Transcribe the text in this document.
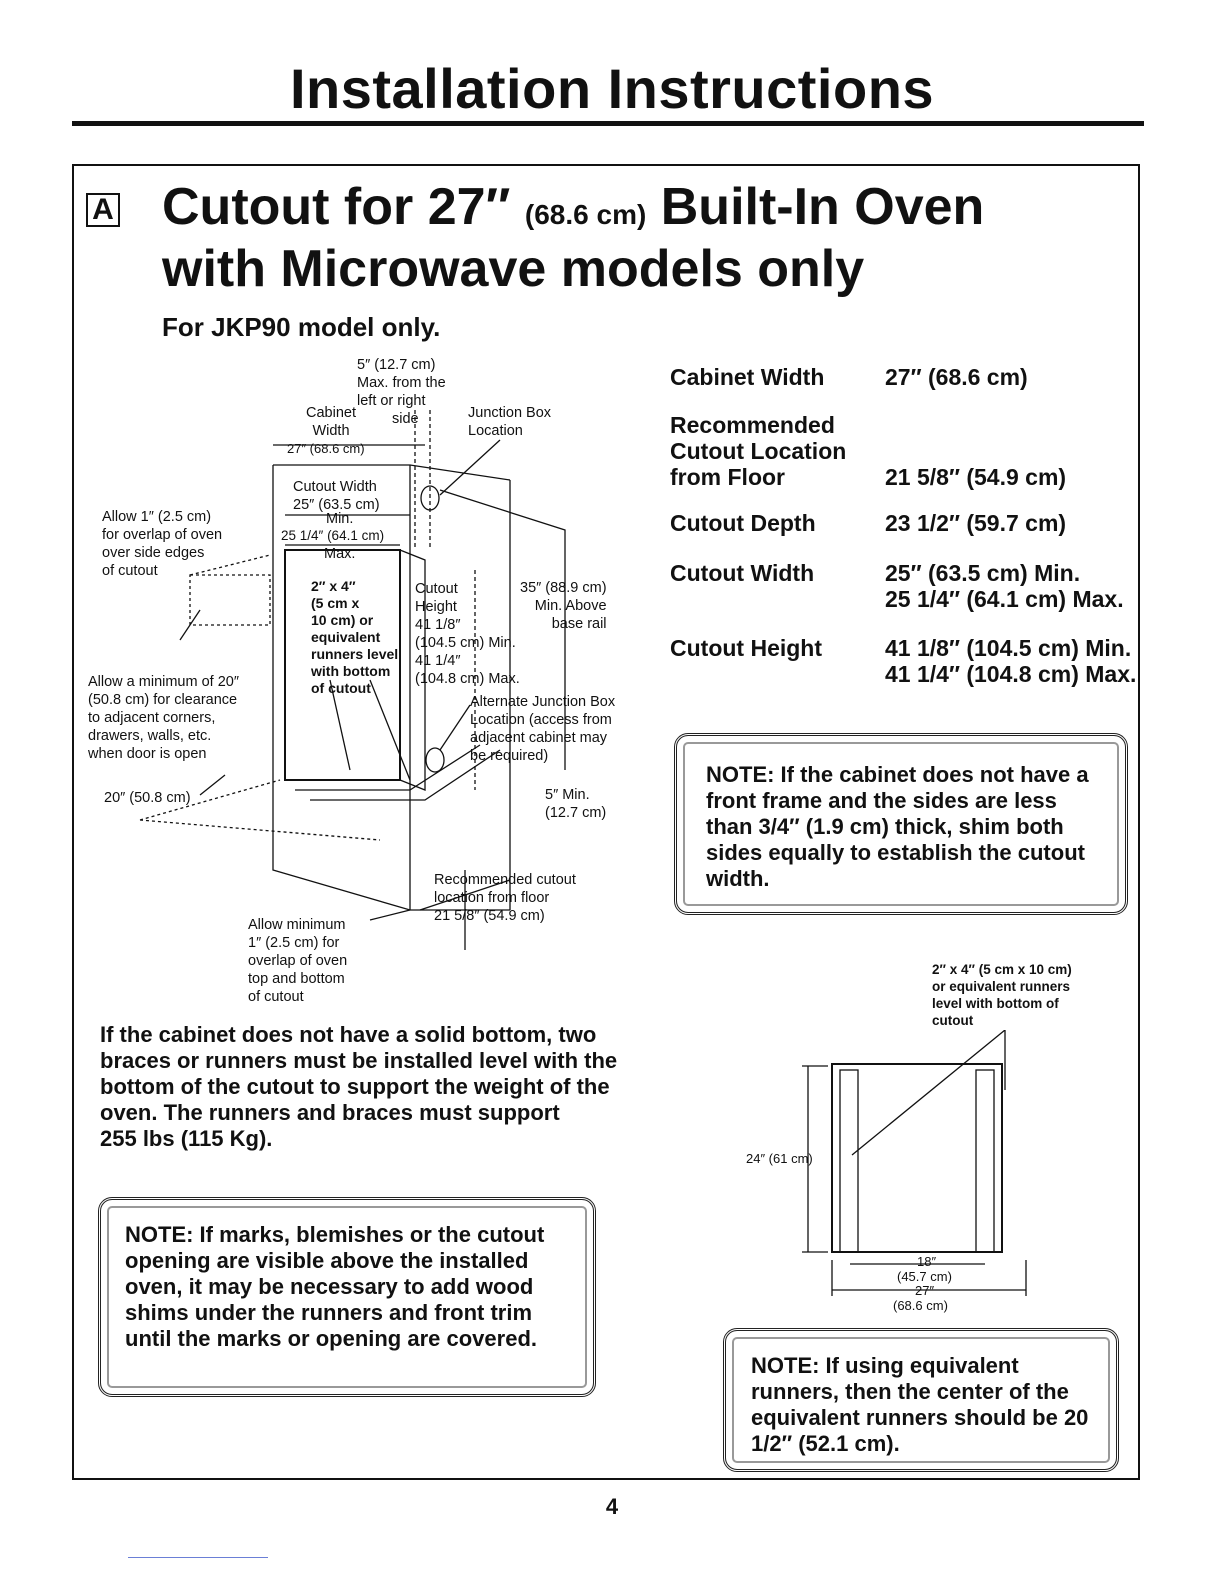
Installation Instructions
A Cutout for 27″ (68.6 cm) Built-In Oven
with Microwave models only
For JKP90 model only.
5″ (12.7 cm)
Max. from the
left or right
side
Cabinet
Width
27″ (68.6 cm)
Junction Box
Location
Cutout Width
25″ (63.5 cm)
Min.
25 1/4″ (64.1 cm)
Max.
Allow 1″ (2.5 cm)
for overlap of oven
over side edges
of cutout
2″ x 4″
(5 cm x
10 cm) or
equivalent
runners level
with bottom
of cutout
Cutout
Height
41 1/8″
(104.5 cm) Min.
41 1/4″
(104.8 cm) Max.
35″ (88.9 cm)
Min. Above
base rail
Allow a minimum of 20″
(50.8 cm) for clearance
to adjacent corners,
drawers, walls, etc.
when door is open
Alternate Junction Box
Location (access from
adjacent cabinet may
be required)
20″ (50.8 cm)	5″ Min.
(12.7 cm)
Recommended cutout
location from floor
21 5/8″ (54.9 cm)
Allow minimum
1″ (2.5 cm) for
overlap of oven
top and bottom
of cutout
Cabinet Width	27″ (68.6 cm)
Recommended
Cutout Location
from Floor	21 5/8″ (54.9 cm)
Cutout Depth	23 1/2″ (59.7 cm)
Cutout Width	25″ (63.5 cm) Min.
25 1/4″ (64.1 cm) Max.
Cutout Height	41 1/8″ (104.5 cm) Min.
41 1/4″ (104.8 cm) Max.
NOTE: If the cabinet does not have a front frame and the sides are less than 3/4″ (1.9 cm) thick, shim both sides equally to establish the cutout width.
If the cabinet does not have a solid bottom, two braces or runners must be installed level with the bottom of the cutout to support the weight of the oven. The runners and braces must support
255 lbs (115 Kg).
NOTE: If marks, blemishes or the cutout opening are visible above the installed oven, it may be necessary to add wood shims under the runners and front trim until the marks or opening are covered.
2″ x 4″ (5 cm x 10 cm)
or equivalent runners
level with bottom of
cutout
24″ (61 cm)
18″
(45.7 cm)
27″
(68.6 cm)
NOTE: If using equivalent runners, then the center of the equivalent runners should be 20 1/2″ (52.1 cm).
4
